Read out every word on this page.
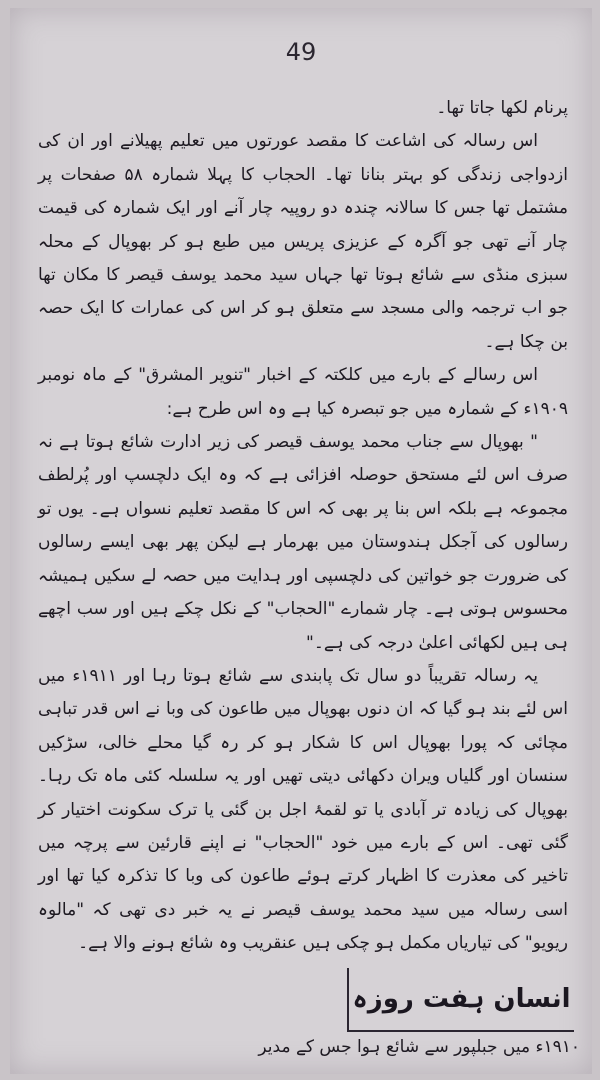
49

پرنام لکھا جاتا تھا۔

اس رسالہ کی اشاعت کا مقصد عورتوں میں تعلیم پھیلانے اور ان کی ازدواجی زندگی کو بہتر بنانا تھا۔ الحجاب کا پہلا شمارہ ۵۸ صفحات پر مشتمل تھا جس کا سالانہ چندہ دو روپیہ چار آنے اور ایک شمارہ کی قیمت چار آنے تھی جو آگرہ کے عزیزی پریس میں طبع ہو کر بھوپال کے محلہ سبزی منڈی سے شائع ہوتا تھا جہاں سید محمد یوسف قیصر کا مکان تھا جو اب ترجمہ والی مسجد سے متعلق ہو کر اس کی عمارات کا ایک حصہ بن چکا ہے۔

اس رسالے کے بارے میں کلکتہ کے اخبار "تنویر المشرق" کے ماہ نومبر ۱۹۰۹ء کے شمارہ میں جو تبصرہ کیا ہے وہ اس طرح ہے:

" بھوپال سے جناب محمد یوسف قیصر کی زیر ادارت شائع ہوتا ہے نہ صرف اس لئے مستحق حوصلہ افزائی ہے کہ وہ ایک دلچسپ اور پُرلطف مجموعہ ہے بلکہ اس بنا پر بھی کہ اس کا مقصد تعلیم نسواں ہے۔ یوں تو رسالوں کی آجکل ہندوستان میں بھرمار ہے لیکن پھر بھی ایسے رسالوں کی ضرورت جو خواتین کی دلچسپی اور ہدایت میں حصہ لے سکیں ہمیشہ محسوس ہوتی ہے۔ چار شمارے "الحجاب" کے نکل چکے ہیں اور سب اچھے ہی ہیں لکھائی اعلیٰ درجہ کی ہے۔"

یہ رسالہ تقریباً دو سال تک پابندی سے شائع ہوتا رہا اور ۱۹۱۱ء میں اس لئے بند ہو گیا کہ ان دنوں بھوپال میں طاعون کی وبا نے اس قدر تباہی مچائی کہ پورا بھوپال اس کا شکار ہو کر رہ گیا محلے خالی، سڑکیں سنسان اور گلیاں ویران دکھائی دیتی تھیں اور یہ سلسلہ کئی ماہ تک رہا۔ بھوپال کی زیادہ تر آبادی یا تو لقمۂ اجل بن گئی یا ترک سکونت اختیار کر گئی تھی۔ اس کے بارے میں خود "الحجاب" نے اپنے قارئین سے پرچہ میں تاخیر کی معذرت کا اظہار کرتے ہوئے طاعون کی وبا کا تذکرہ کیا تھا اور اسی رسالہ میں سید محمد یوسف قیصر نے یہ خبر دی تھی کہ "مالوہ ریویو" کی تیاریاں مکمل ہو چکی ہیں عنقریب وہ شائع ہونے والا ہے۔

انسان ہفت روزہ
۱۹۱۰ء میں جبلپور سے شائع ہوا جس کے مدیر
